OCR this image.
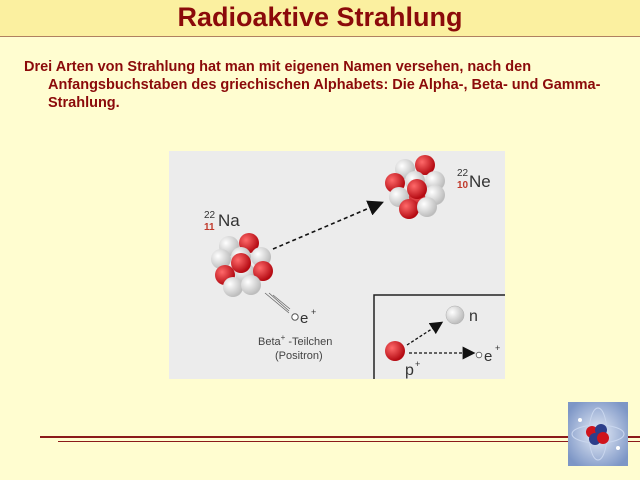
Radioaktive Strahlung
Drei Arten von Strahlung hat man mit eigenen Namen versehen, nach den Anfangsbuchstaben des griechischen Alphabets: Die Alpha-, Beta- und Gamma-Strahlung.
22
10 Ne
22
11 Na
e +
Beta+ -Teilchen
(Positron)
n
e +
p +
